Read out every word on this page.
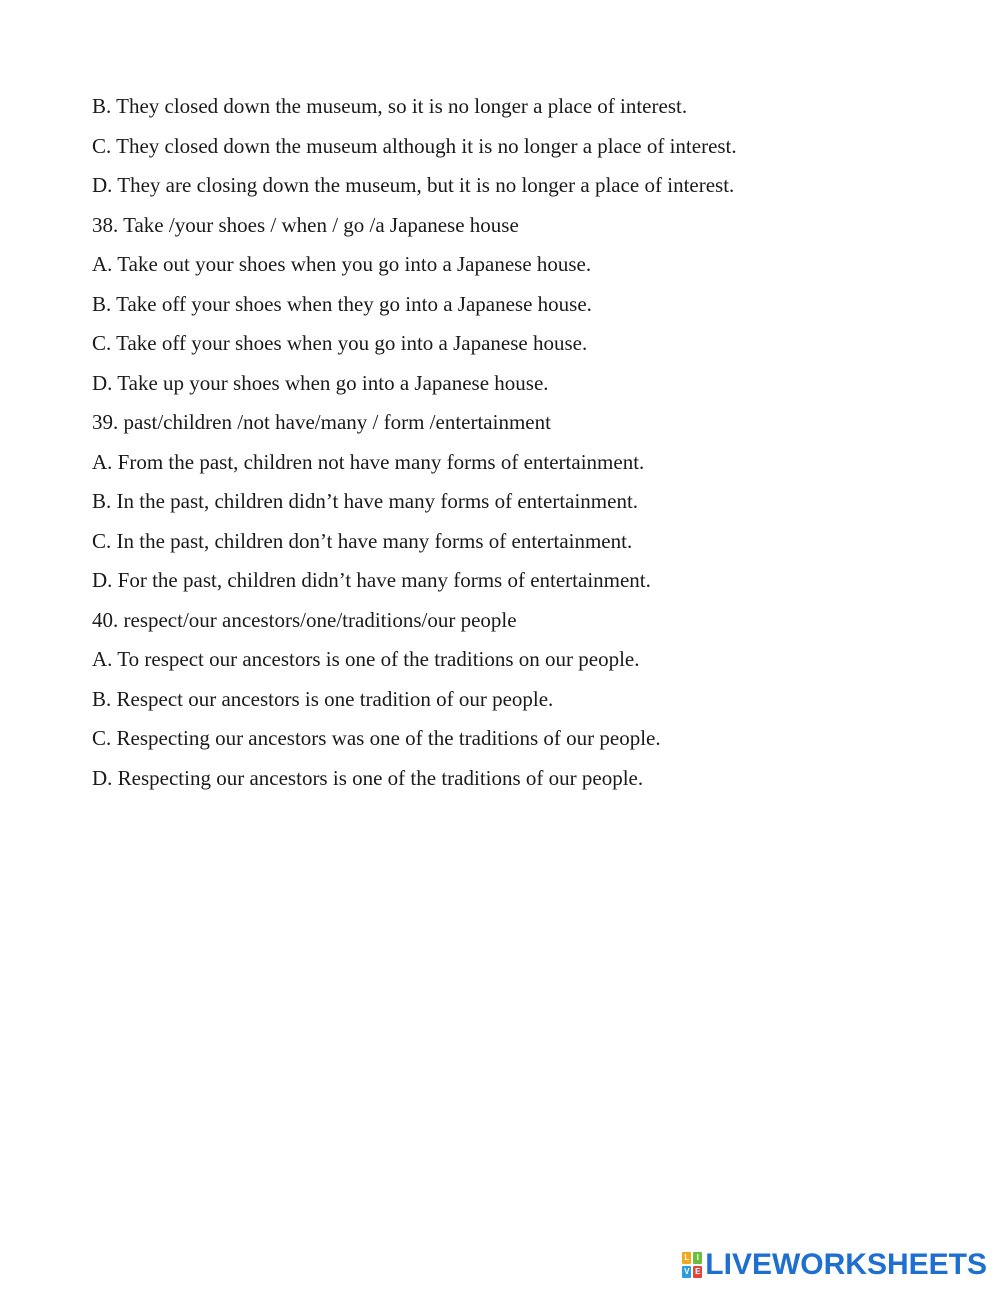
B. They closed down the museum, so it is no longer a place of interest.
C. They closed down the museum although it is no longer a place of interest.
D. They are closing down the museum, but it is no longer a place of interest.
38. Take /your shoes / when / go /a Japanese house
A. Take out your shoes when you go into a Japanese house.
B. Take off your shoes when they go into a Japanese house.
C. Take off your shoes when you go into a Japanese house.
D. Take up your shoes when go into a Japanese house.
39. past/children /not have/many / form /entertainment
A. From the past, children not have many forms of entertainment.
B. In the past, children didn’t have many forms of entertainment.
C. In the past, children don’t have many forms of entertainment.
D. For the past, children didn’t have many forms of entertainment.
40. respect/our ancestors/one/traditions/our people
A. To respect our ancestors is one of the traditions on our people.
B. Respect our ancestors is one tradition of our people.
C. Respecting our ancestors was one of the traditions of our people.
D. Respecting our ancestors is one of the traditions of our people.
L I
V E LIVEWORKSHEETS
